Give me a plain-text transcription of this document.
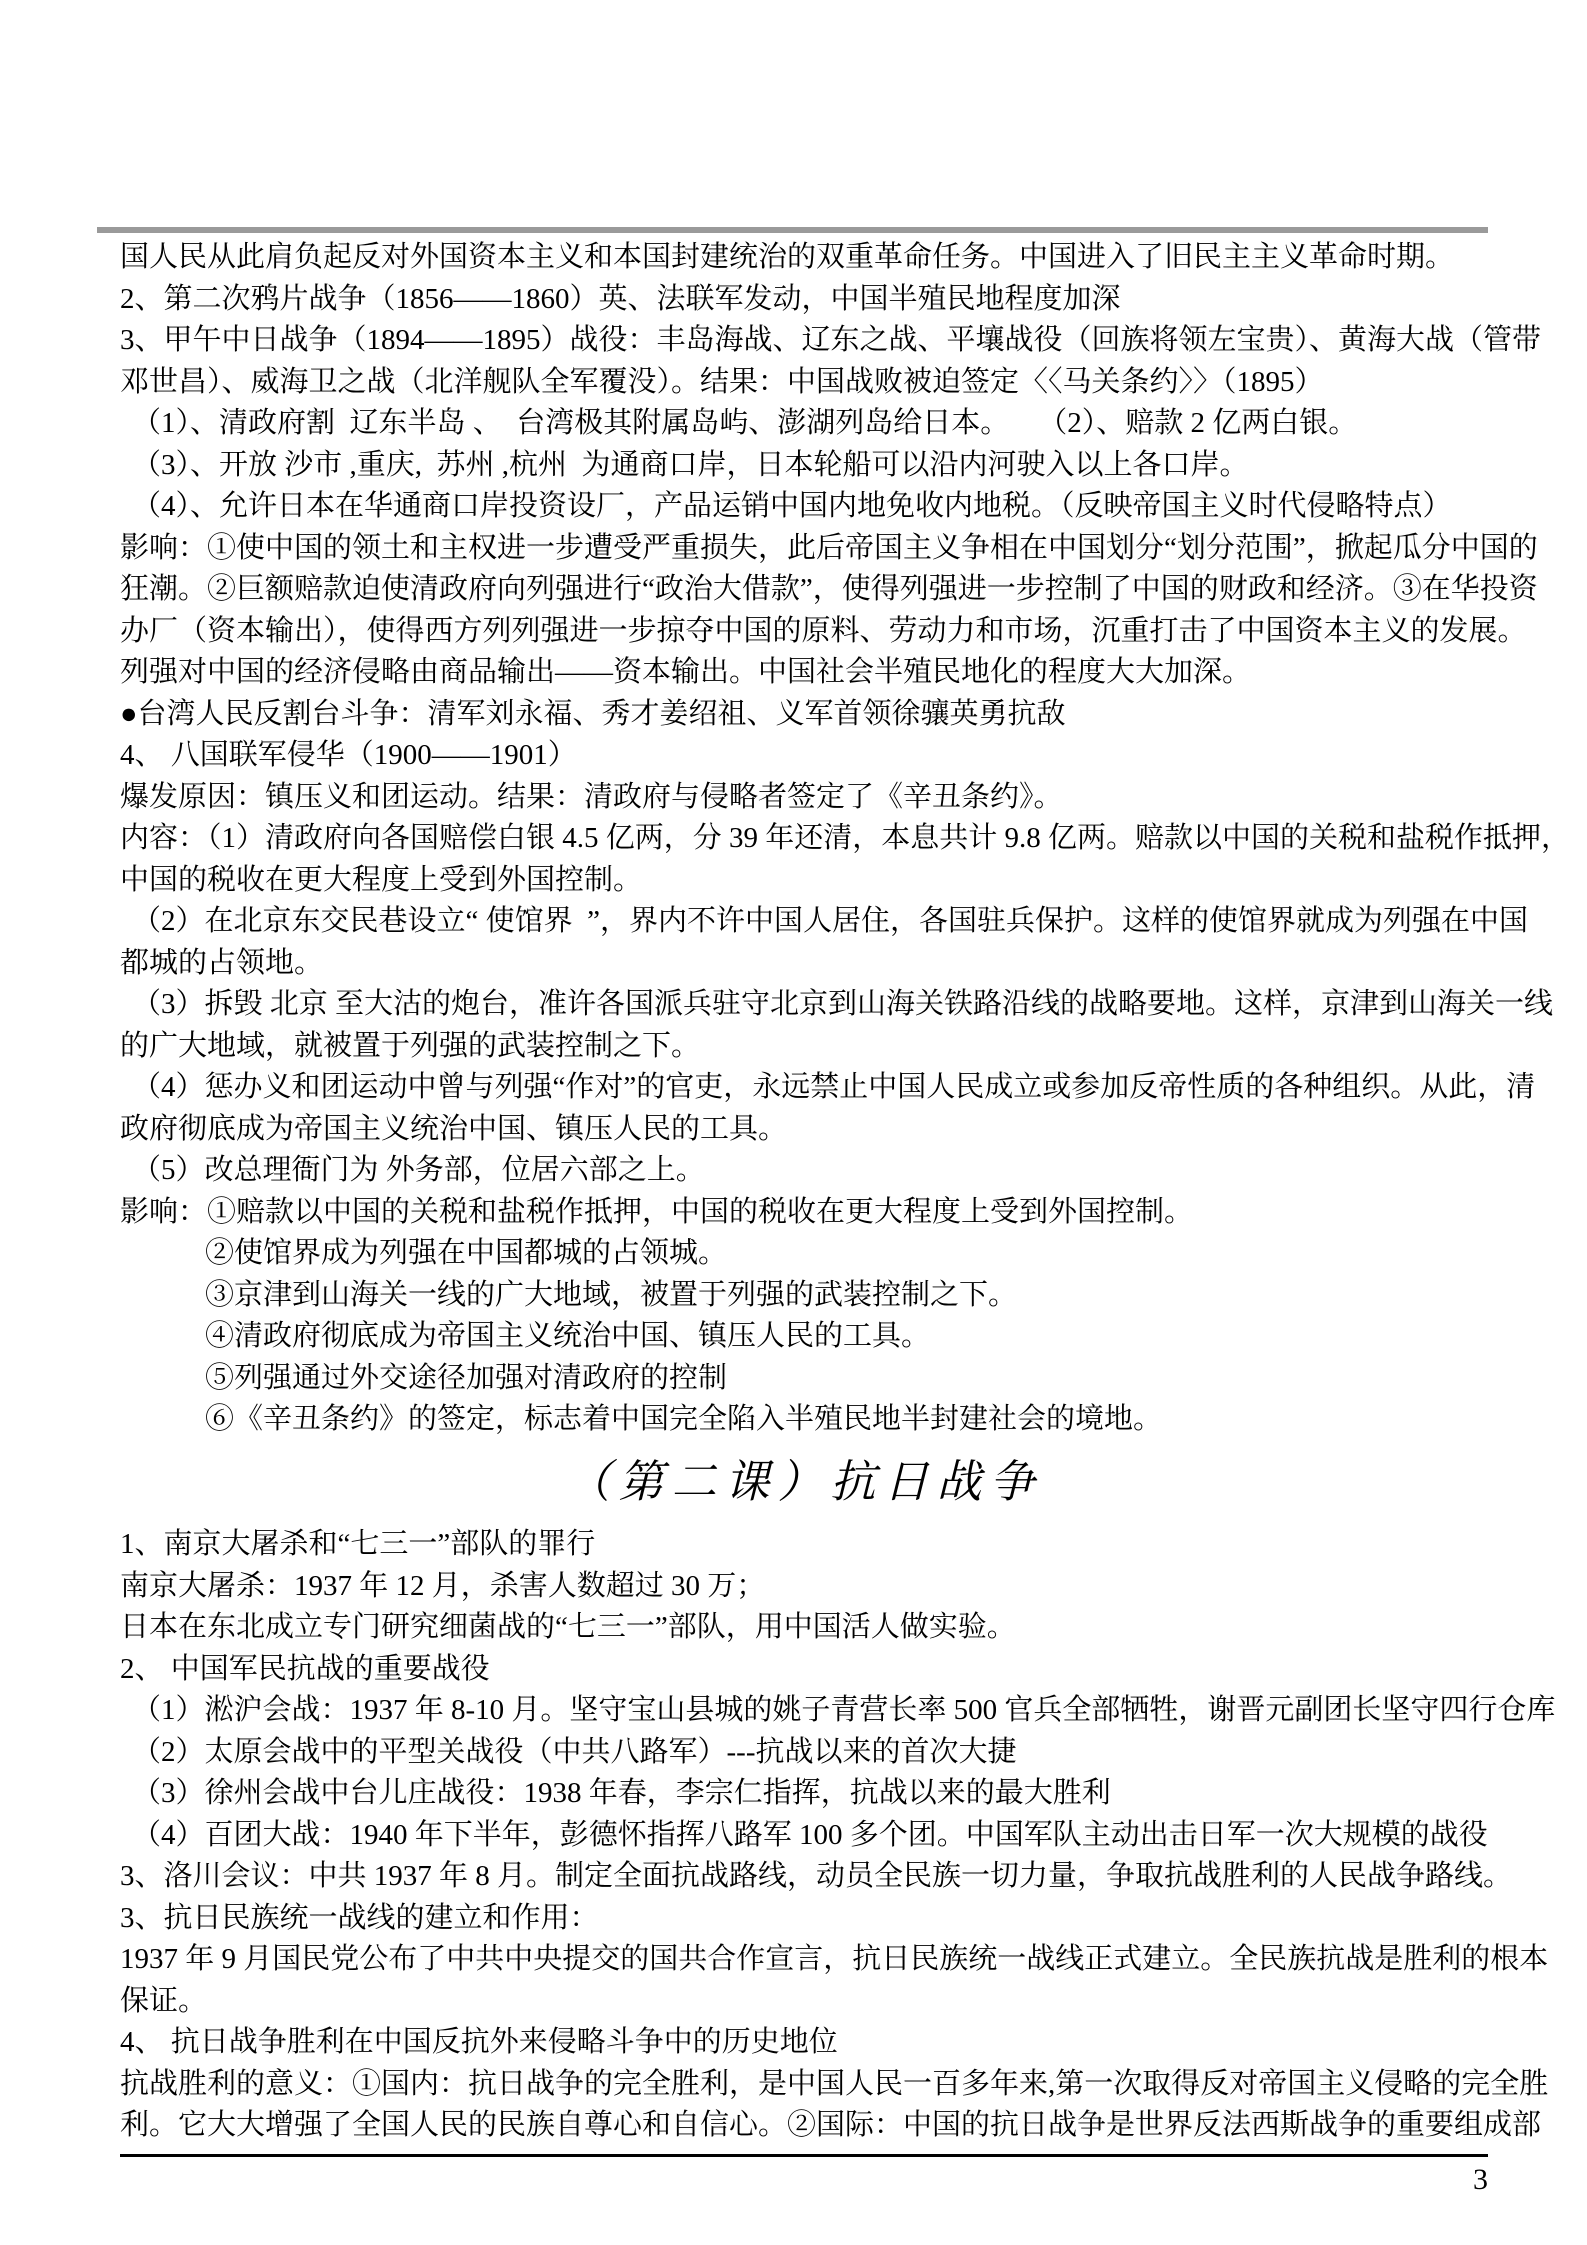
国人民从此肩负起反对外国资本主义和本国封建统治的双重革命任务。中国进入了旧民主主义革命时期。
2、第二次鸦片战争（1856——1860）英、法联军发动，中国半殖民地程度加深
3、甲午中日战争（1894——1895）战役：丰岛海战、辽东之战、平壤战役（回族将领左宝贵）、黄海大战（管带
邓世昌）、威海卫之战（北洋舰队全军覆没）。结果：中国战败被迫签定〈〈马关条约〉〉（1895）
（1）、清政府割  辽东半岛 、  台湾极其附属岛屿、澎湖列岛给日本。    （2）、赔款 2 亿两白银。
（3）、开放 沙市 ,重庆,  苏州 ,杭州  为通商口岸，日本轮船可以沿内河驶入以上各口岸。
（4）、允许日本在华通商口岸投资设厂，产品运销中国内地免收内地税。（反映帝国主义时代侵略特点）
影响：①使中国的领土和主权进一步遭受严重损失，此后帝国主义争相在中国划分“划分范围”，掀起瓜分中国的
狂潮。②巨额赔款迫使清政府向列强进行“政治大借款”，使得列强进一步控制了中国的财政和经济。③在华投资
办厂（资本输出），使得西方列列强进一步掠夺中国的原料、劳动力和市场，沉重打击了中国资本主义的发展。
列强对中国的经济侵略由商品输出——资本输出。中国社会半殖民地化的程度大大加深。
●台湾人民反割台斗争：清军刘永福、秀才姜绍祖、义军首领徐骧英勇抗敌
4、 八国联军侵华（1900——1901）
爆发原因：镇压义和团运动。结果：清政府与侵略者签定了《辛丑条约》。
内容：（1）清政府向各国赔偿白银 4.5 亿两，分 39 年还清，本息共计 9.8 亿两。赔款以中国的关税和盐税作抵押，
中国的税收在更大程度上受到外国控制。
（2）在北京东交民巷设立“ 使馆界  ”，界内不许中国人居住，各国驻兵保护。这样的使馆界就成为列强在中国
都城的占领地。
（3）拆毁 北京 至大沽的炮台，准许各国派兵驻守北京到山海关铁路沿线的战略要地。这样，京津到山海关一线
的广大地域，就被置于列强的武装控制之下。
（4）惩办义和团运动中曾与列强“作对”的官吏，永远禁止中国人民成立或参加反帝性质的各种组织。从此，清
政府彻底成为帝国主义统治中国、镇压人民的工具。
（5）改总理衙门为 外务部，位居六部之上。
影响：①赔款以中国的关税和盐税作抵押，中国的税收在更大程度上受到外国控制。
②使馆界成为列强在中国都城的占领城。
③京津到山海关一线的广大地域，被置于列强的武装控制之下。
④清政府彻底成为帝国主义统治中国、镇压人民的工具。
⑤列强通过外交途径加强对清政府的控制
⑥《辛丑条约》的签定，标志着中国完全陷入半殖民地半封建社会的境地。
（第二课）抗日战争
1、南京大屠杀和“七三一”部队的罪行
南京大屠杀：1937 年 12 月，杀害人数超过 30 万；
日本在东北成立专门研究细菌战的“七三一”部队，用中国活人做实验。
2、 中国军民抗战的重要战役
（1）淞沪会战：1937 年 8-10 月。坚守宝山县城的姚子青营长率 500 官兵全部牺牲，谢晋元副团长坚守四行仓库
（2）太原会战中的平型关战役（中共八路军）---抗战以来的首次大捷
（3）徐州会战中台儿庄战役：1938 年春，李宗仁指挥，抗战以来的最大胜利
（4）百团大战：1940 年下半年，彭德怀指挥八路军 100 多个团。中国军队主动出击日军一次大规模的战役
3、洛川会议：中共 1937 年 8 月。制定全面抗战路线，动员全民族一切力量，争取抗战胜利的人民战争路线。
3、抗日民族统一战线的建立和作用：
1937 年 9 月国民党公布了中共中央提交的国共合作宣言，抗日民族统一战线正式建立。全民族抗战是胜利的根本
保证。
4、 抗日战争胜利在中国反抗外来侵略斗争中的历史地位
抗战胜利的意义：①国内：抗日战争的完全胜利，是中国人民一百多年来,第一次取得反对帝国主义侵略的完全胜
利。它大大增强了全国人民的民族自尊心和自信心。②国际：中国的抗日战争是世界反法西斯战争的重要组成部
3
